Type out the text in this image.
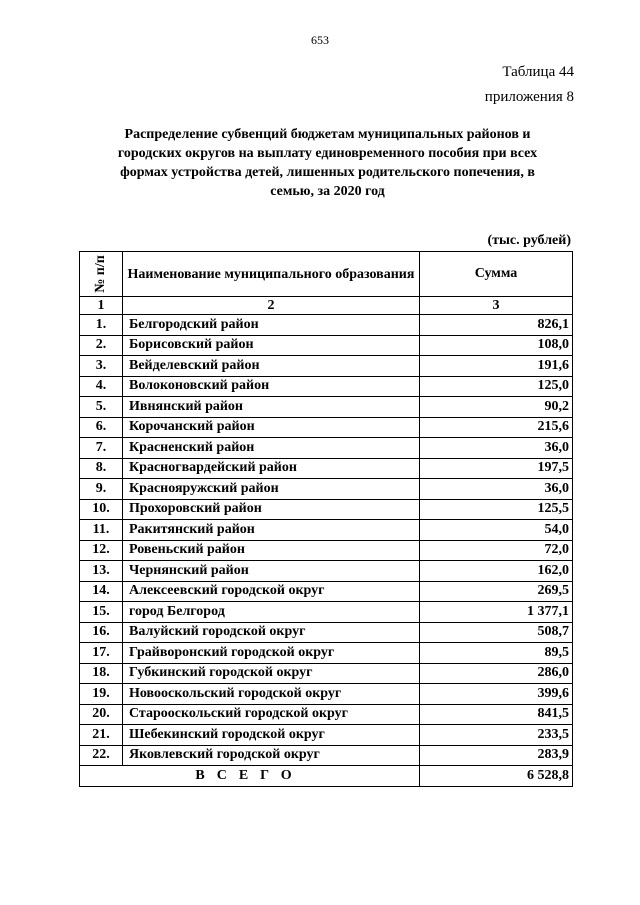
653
Таблица 44
приложения 8
Распределение субвенций бюджетам муниципальных районов и городских округов на выплату единовременного пособия при всех формах устройства детей, лишенных родительского попечения, в семью, за 2020 год
(тыс. рублей)
№ п/п	Наименование муниципального образования	Сумма
1	2	3
1.	Белгородский район	826,1
2.	Борисовский район	108,0
3.	Вейделевский район	191,6
4.	Волоконовский район	125,0
5.	Ивнянский район	90,2
6.	Корочанский район	215,6
7.	Красненский район	36,0
8.	Красногвардейский район	197,5
9.	Краснояружский район	36,0
10.	Прохоровский район	125,5
11.	Ракитянский район	54,0
12.	Ровеньский район	72,0
13.	Чернянский район	162,0
14.	Алексеевский городской округ	269,5
15.	город Белгород	1 377,1
16.	Валуйский городской округ	508,7
17.	Грайворонский городской округ	89,5
18.	Губкинский городской округ	286,0
19.	Новооскольский городской округ	399,6
20.	Старооскольский городской округ	841,5
21.	Шебекинский городской округ	233,5
22.	Яковлевский городской округ	283,9
ВСЕГО		6 528,8
